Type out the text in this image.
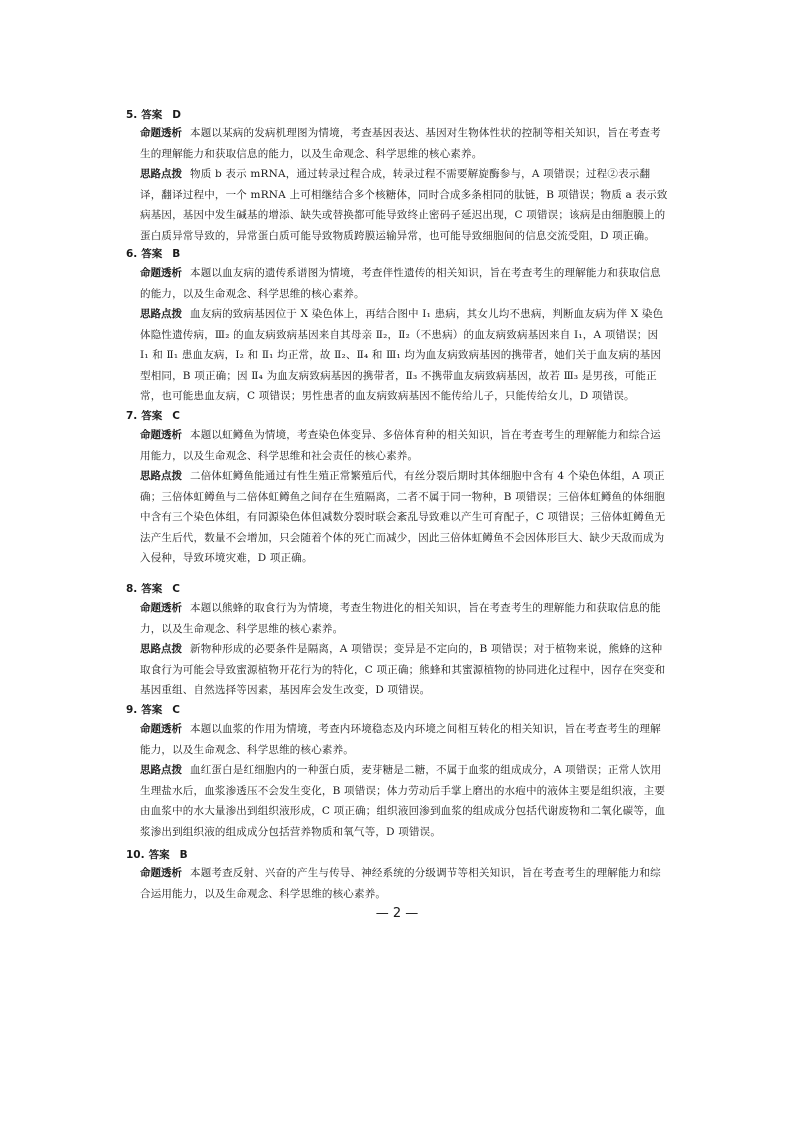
5. 答案 D
命题透析 本题以某病的发病机理图为情境，考查基因表达、基因对生物体性状的控制等相关知识，旨在考查考生的理解能力和获取信息的能力，以及生命观念、科学思维的核心素养。
思路点拨 物质 b 表示 mRNA，通过转录过程合成，转录过程不需要解旋酶参与，A 项错误；过程②表示翻译，翻译过程中，一个 mRNA 上可相继结合多个核糖体，同时合成多条相同的肽链，B 项错误；物质 a 表示致病基因，基因中发生碱基的增添、缺失或替换都可能导致终止密码子延迟出现，C 项错误；该病是由细胞膜上的蛋白质异常导致的，异常蛋白质可能导致物质跨膜运输异常，也可能导致细胞间的信息交流受阻，D 项正确。
6. 答案 B
命题透析 本题以血友病的遗传系谱图为情境，考查伴性遗传的相关知识，旨在考查考生的理解能力和获取信息的能力，以及生命观念、科学思维的核心素养。
思路点拨 血友病的致病基因位于 X 染色体上，再结合图中 Ⅰ₁ 患病，其女儿均不患病，判断血友病为伴 X 染色体隐性遗传病，Ⅲ₂ 的血友病致病基因来自其母亲 Ⅱ₂，Ⅱ₂（不患病）的血友病致病基因来自 Ⅰ₁，A 项错误；因 Ⅰ₁ 和 Ⅱ₁ 患血友病，Ⅰ₂ 和 Ⅱ₁ 均正常，故 Ⅱ₂、Ⅱ₄ 和 Ⅲ₁ 均为血友病致病基因的携带者，她们关于血友病的基因型相同，B 项正确；因 Ⅱ₄ 为血友病致病基因的携带者，Ⅱ₃ 不携带血友病致病基因，故若 Ⅲ₃ 是男孩，可能正常，也可能患血友病，C 项错误；男性患者的血友病致病基因不能传给儿子，只能传给女儿，D 项错误。
7. 答案 C
命题透析 本题以虹鳟鱼为情境，考查染色体变异、多倍体育种的相关知识，旨在考查考生的理解能力和综合运用能力，以及生命观念、科学思维和社会责任的核心素养。
思路点拨 二倍体虹鳟鱼能通过有性生殖正常繁殖后代，有丝分裂后期时其体细胞中含有 4 个染色体组，A 项正确；三倍体虹鳟鱼与二倍体虹鳟鱼之间存在生殖隔离，二者不属于同一物种，B 项错误；三倍体虹鳟鱼的体细胞中含有三个染色体组，有同源染色体但减数分裂时联会紊乱导致难以产生可育配子，C 项错误；三倍体虹鳟鱼无法产生后代，数量不会增加，只会随着个体的死亡而减少，因此三倍体虹鳟鱼不会因体形巨大、缺少天敌而成为入侵种，导致环境灾难，D 项正确。
8. 答案 C
命题透析 本题以熊蜂的取食行为为情境，考查生物进化的相关知识，旨在考查考生的理解能力和获取信息的能力，以及生命观念、科学思维的核心素养。
思路点拨 新物种形成的必要条件是隔离，A 项错误；变异是不定向的，B 项错误；对于植物来说，熊蜂的这种取食行为可能会导致蜜源植物开花行为的特化，C 项正确；熊蜂和其蜜源植物的协同进化过程中，因存在突变和基因重组、自然选择等因素，基因库会发生改变，D 项错误。
9. 答案 C
命题透析 本题以血浆的作用为情境，考查内环境稳态及内环境之间相互转化的相关知识，旨在考查考生的理解能力，以及生命观念、科学思维的核心素养。
思路点拨 血红蛋白是红细胞内的一种蛋白质，麦芽糖是二糖，不属于血浆的组成成分，A 项错误；正常人饮用生理盐水后，血浆渗透压不会发生变化，B 项错误；体力劳动后手掌上磨出的水疱中的液体主要是组织液，主要由血浆中的水大量渗出到组织液形成，C 项正确；组织液回渗到血浆的组成成分包括代谢废物和二氧化碳等，血浆渗出到组织液的组成成分包括营养物质和氧气等，D 项错误。
10. 答案 B
命题透析 本题考查反射、兴奋的产生与传导、神经系统的分级调节等相关知识，旨在考查考生的理解能力和综合运用能力，以及生命观念、科学思维的核心素养。
— 2 —
